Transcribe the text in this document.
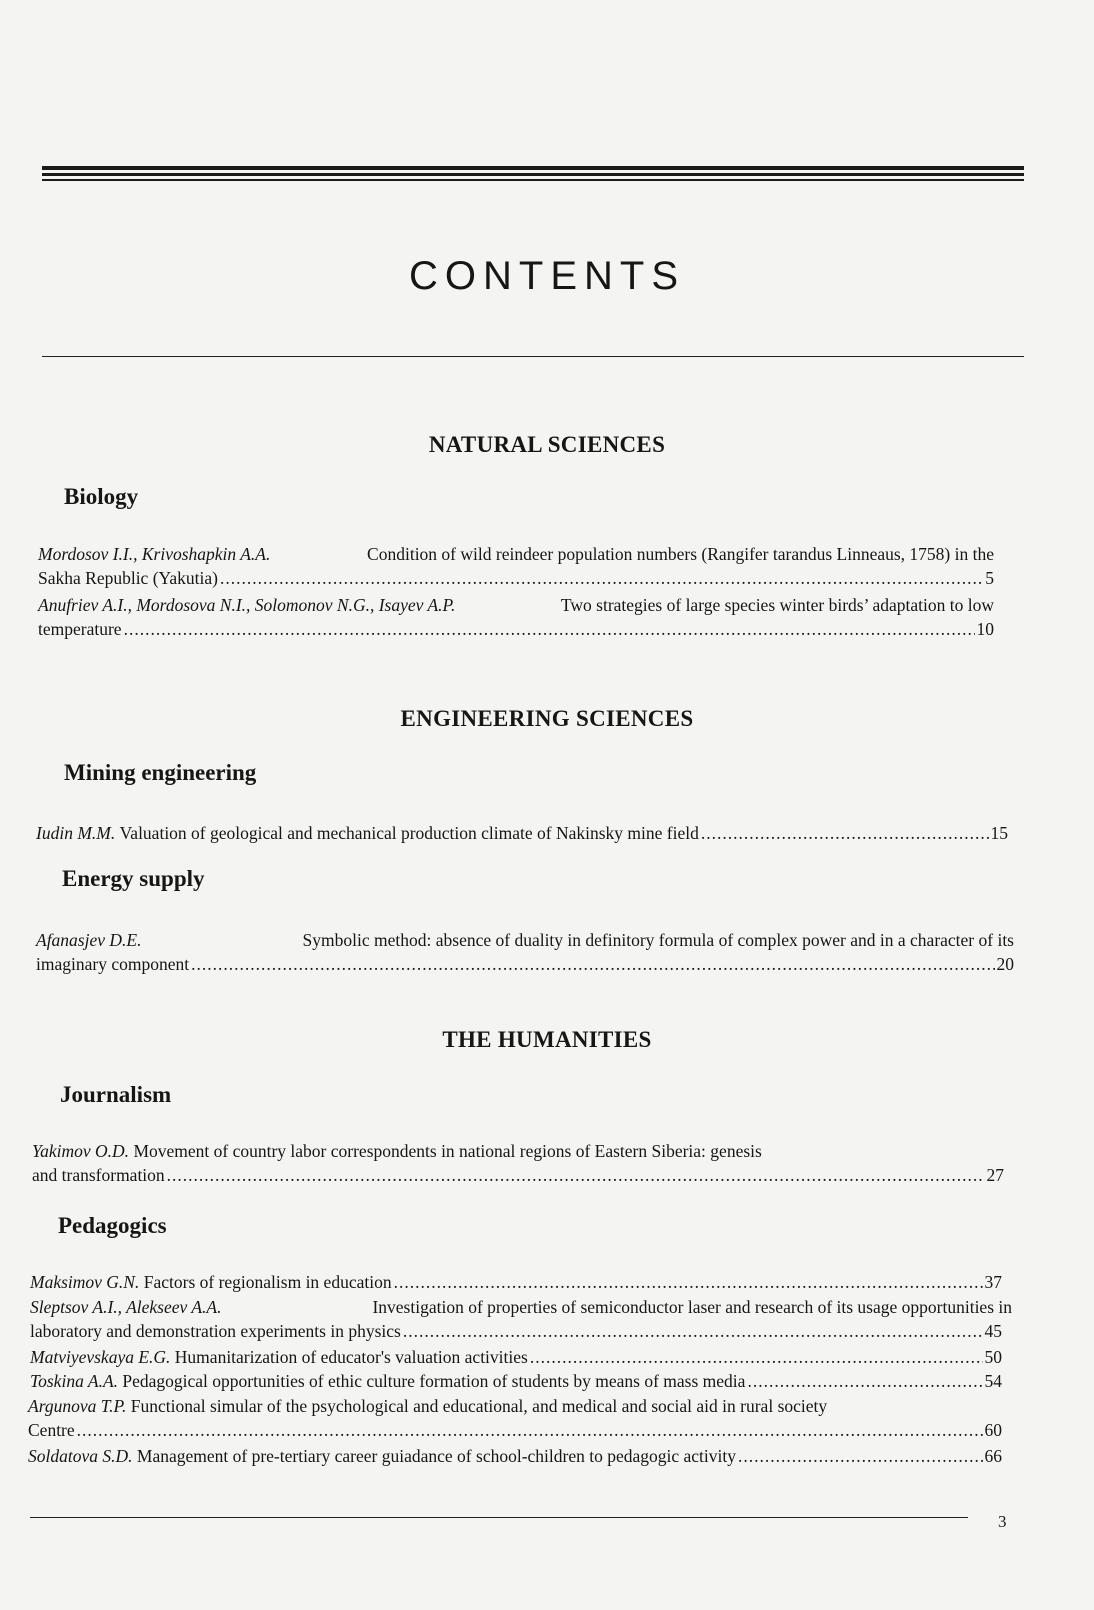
CONTENTS
NATURAL SCIENCES
Biology
Mordosov I.I., Krivoshapkin A.A.	Condition of wild reindeer population numbers (Rangifer tarandus Linneaus, 1758) in the
Sakha Republic (Yakutia) .....	5
Anufriev A.I., Mordosova N.I., Solomonov N.G., Isayev A.P.	Two strategies of large species winter birds’ adaptation to low
temperature .....	10
ENGINEERING SCIENCES
Mining engineering
Iudin M.M.
Valuation of geological and mechanical production climate of Nakinsky mine field .....	15
Energy supply
Afanasjev D.E.	Symbolic method: absence of duality in definitory formula of complex power and in a character of its
imaginary component .....	20
THE HUMANITIES
Journalism
Yakimov O.D.
Movement of country labor correspondents in national regions of Eastern Siberia: genesis
and transformation .....	27
Pedagogics
Maksimov G.N.
Factors of regionalism in education .....	37
Sleptsov A.I., Alekseev A.A.	Investigation of properties of semiconductor laser and research of its usage opportunities in
laboratory and demonstration experiments in physics .....	45
Matviyevskaya E.G.
Humanitarization of educator's valuation activities .....	50
Toskina A.A.
Pedagogical opportunities of ethic culture formation of students by means of mass media .....	54
Argunova T.P.
Functional simular of the psychological and educational, and medical and social aid in rural society
Centre .....	60
Soldatova S.D.
Management of pre-tertiary career guiadance of school-children to pedagogic activity .....	66
3
